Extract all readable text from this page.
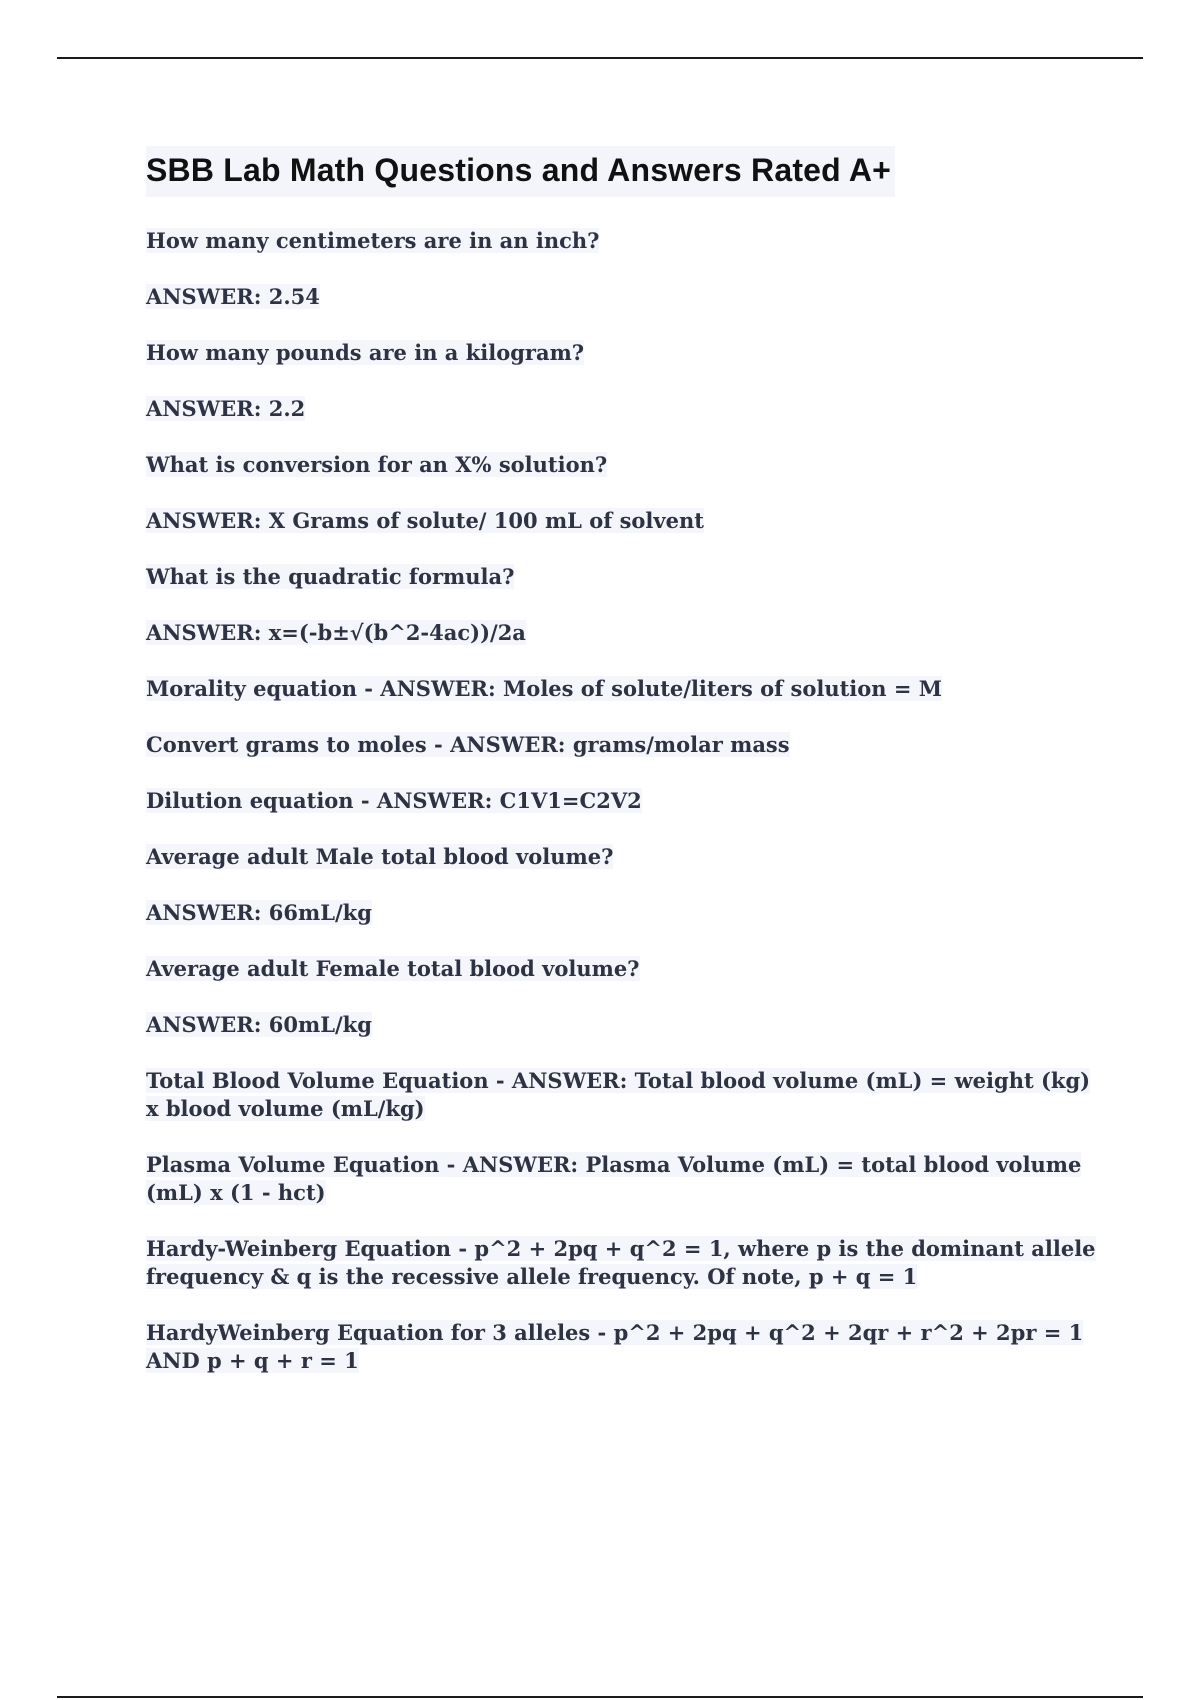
SBB Lab Math Questions and Answers Rated A+
How many centimeters are in an inch?
ANSWER: 2.54
How many pounds are in a kilogram?
ANSWER: 2.2
What is conversion for an X% solution?
ANSWER: X Grams of solute/ 100 mL of solvent
What is the quadratic formula?
ANSWER: x=(-b±√(b^2-4ac))/2a
Morality equation - ANSWER: Moles of solute/liters of solution = M
Convert grams to moles - ANSWER: grams/molar mass
Dilution equation - ANSWER: C1V1=C2V2
Average adult Male total blood volume?
ANSWER: 66mL/kg
Average adult Female total blood volume?
ANSWER: 60mL/kg
Total Blood Volume Equation - ANSWER: Total blood volume (mL) = weight (kg) x blood volume (mL/kg)
Plasma Volume Equation - ANSWER: Plasma Volume (mL) = total blood volume (mL) x (1 - hct)
Hardy-Weinberg Equation - p^2 + 2pq + q^2 = 1, where p is the dominant allele frequency & q is the recessive allele frequency. Of note, p + q = 1
HardyWeinberg Equation for 3 alleles - p^2 + 2pq + q^2 + 2qr + r^2 + 2pr = 1 AND p + q + r = 1
